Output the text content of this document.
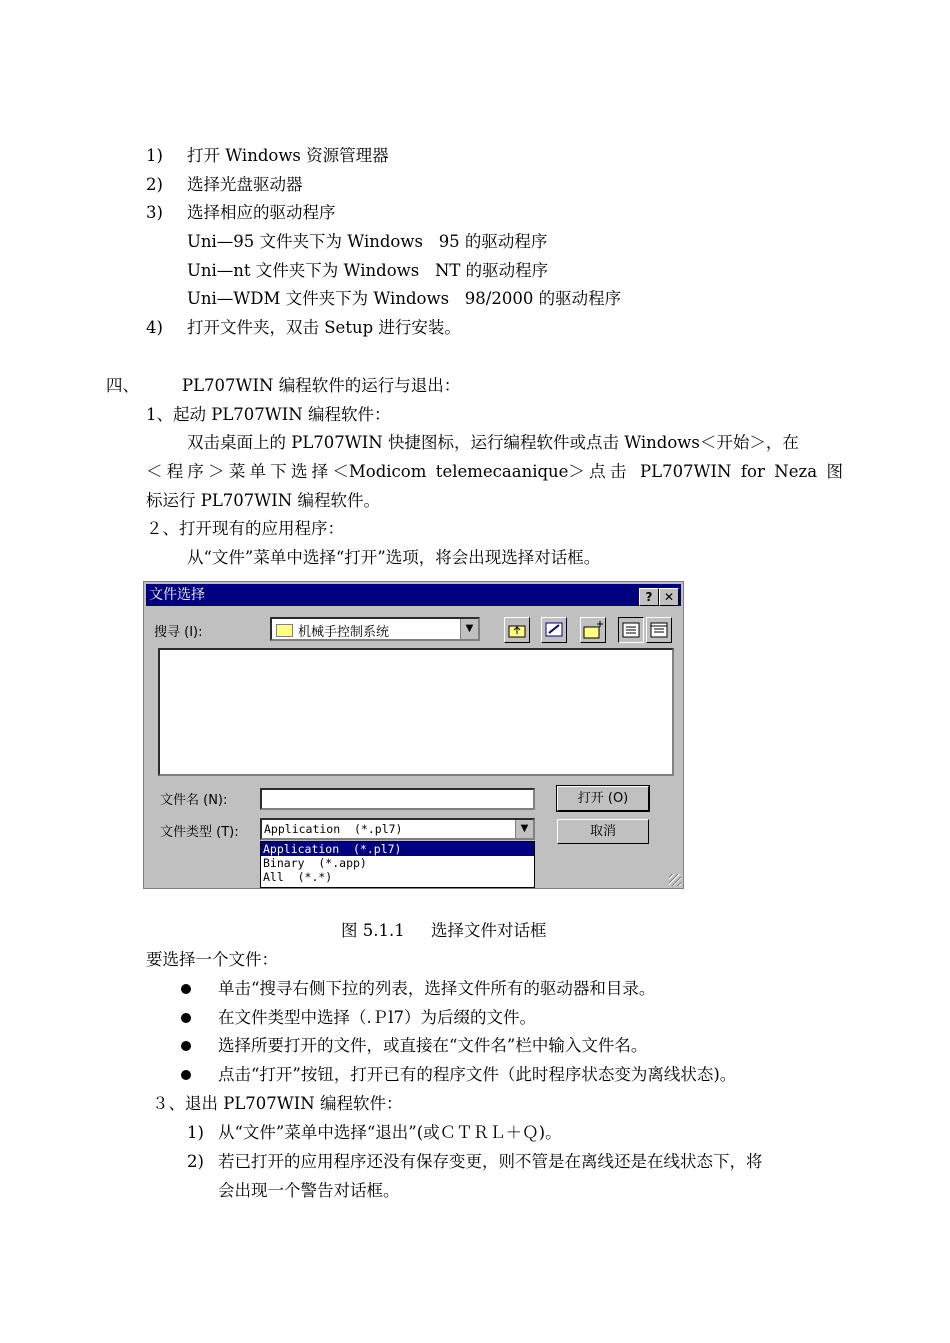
1) 打开 Windows 资源管理器
2) 选择光盘驱动器
3) 选择相应的驱动程序
Uni—95 文件夹下为 Windows   95 的驱动程序
Uni—nt 文件夹下为 Windows   NT 的驱动程序
Uni—WDM 文件夹下为 Windows   98/2000 的驱动程序
4) 打开文件夹，双击 Setup 进行安装。
四、	PL707WIN 编程软件的运行与退出：
1、起动 PL707WIN 编程软件：
双击桌面上的 PL707WIN 快捷图标，运行编程软件或点击 Windows＜开始＞，在
＜程序＞菜单下选择＜Modicom telemecaanique＞点击 PL707WIN for Neza 图
标运行 PL707WIN 编程软件。
２、打开现有的应用程序：
从“文件”菜单中选择“打开”选项，将会出现选择对话框。
文件选择	? ✕
搜寻 (I):	机械手控制系统	▼
文件名 (N):	打开 (O)
文件类型 (T): Application  (*.pl7)	▼	取消
Application  (*.pl7)
Binary  (*.app)
All  (*.*)
图 5.1.1     选择文件对话框
要选择一个文件：
单击“搜寻右侧下拉的列表，选择文件所有的驱动器和目录。
在文件类型中选择（.Ｐl7）为后缀的文件。
选择所要打开的文件，或直接在“文件名”栏中输入文件名。
点击“打开”按钮，打开已有的程序文件（此时程序状态变为离线状态)。
３、退出 PL707WIN 编程软件：
1) 从“文件”菜单中选择“退出”(或ＣＴＲＬ＋Ｑ)。
2) 若已打开的应用程序还没有保存变更，则不管是在离线还是在线状态下，将
会出现一个警告对话框。
